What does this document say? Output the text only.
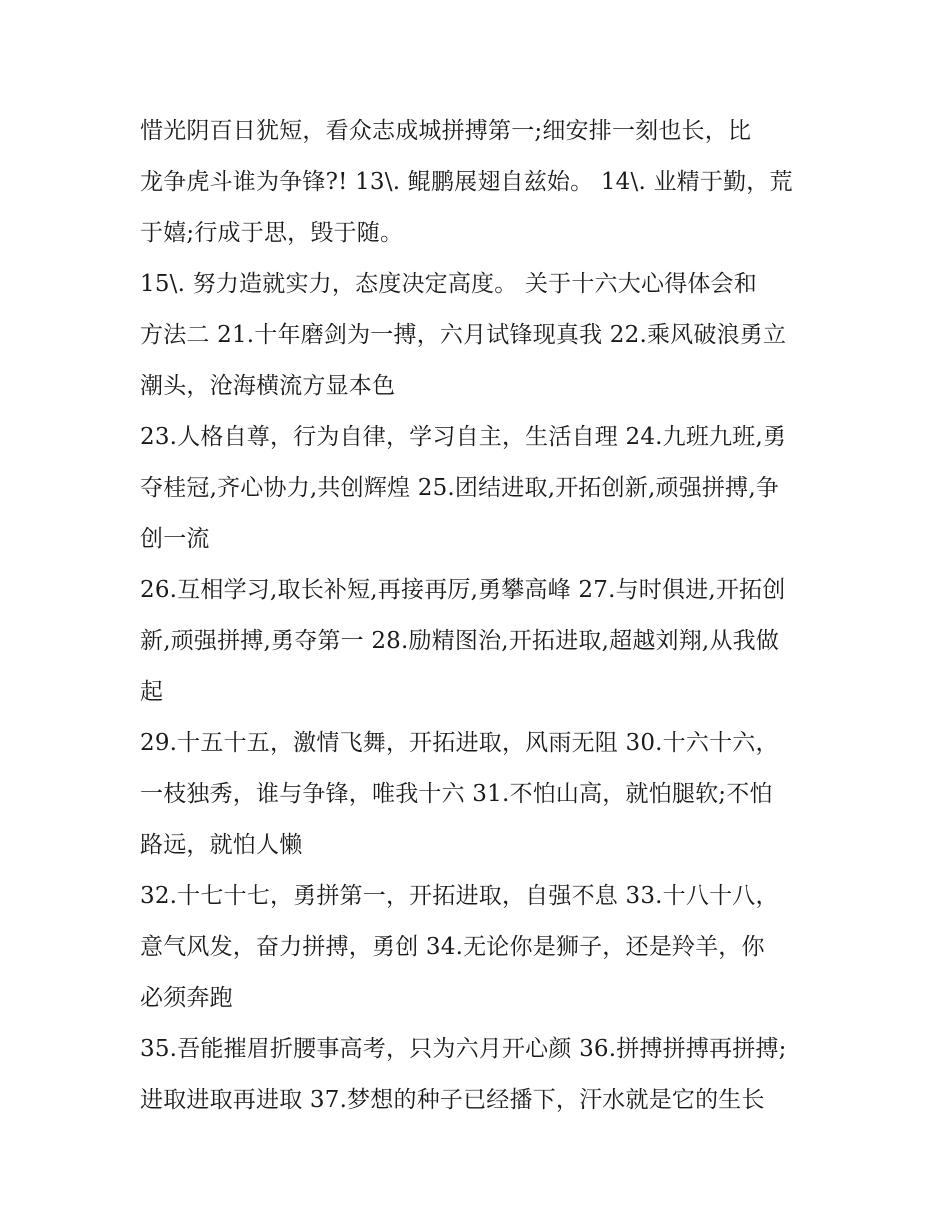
惜光阴百日犹短，看众志成城拼搏第一;细安排一刻也长，比
龙争虎斗谁为争锋?! 13\. 鲲鹏展翅自兹始。 14\. 业精于勤，荒
于嬉;行成于思，毁于随。
15\. 努力造就实力，态度决定高度。 关于十六大心得体会和
方法二 21.十年磨剑为一搏，六月试锋现真我 22.乘风破浪勇立
潮头，沧海横流方显本色
23.人格自尊，行为自律，学习自主，生活自理 24.九班九班,勇
夺桂冠,齐心协力,共创辉煌 25.团结进取,开拓创新,顽强拼搏,争
创一流
26.互相学习,取长补短,再接再厉,勇攀高峰 27.与时俱进,开拓创
新,顽强拼搏,勇夺第一 28.励精图治,开拓进取,超越刘翔,从我做
起
29.十五十五，激情飞舞，开拓进取，风雨无阻 30.十六十六，
一枝独秀，谁与争锋，唯我十六 31.不怕山高，就怕腿软;不怕
路远，就怕人懒
32.十七十七，勇拼第一，开拓进取，自强不息 33.十八十八，
意气风发，奋力拼搏，勇创 34.无论你是狮子，还是羚羊，你
必须奔跑
35.吾能摧眉折腰事高考，只为六月开心颜 36.拼搏拼搏再拼搏;
进取进取再进取 37.梦想的种子已经播下，汗水就是它的生长
